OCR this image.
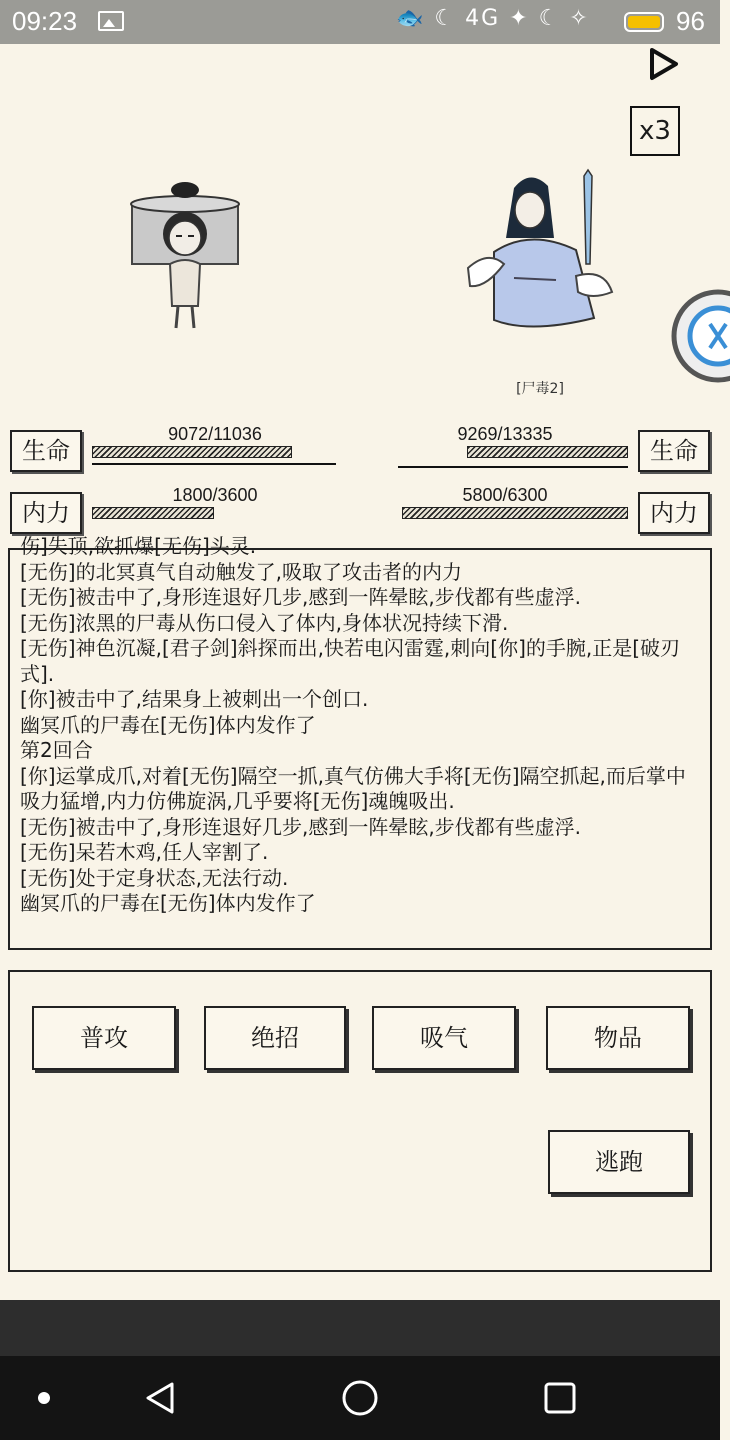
09:23	🐟 ☾ 4G ✦ ☾ ✧	96
x3
[尸毒2]
生命
9072/11036
内力
1800/3600
生命
9269/13335
内力
5800/6300
伤]失顶,欲抓爆[无伤]头灵.
[无伤]的北冥真气自动触发了,吸取了攻击者的内力
[无伤]被击中了,身形连退好几步,感到一阵晕眩,步伐都有些虚浮.
[无伤]浓黑的尸毒从伤口侵入了体内,身体状况持续下滑.
[无伤]神色沉凝,[君子剑]斜探而出,快若电闪雷霆,刺向[你]的手腕,正是[破刃式].
[你]被击中了,结果身上被刺出一个创口.
幽冥爪的尸毒在[无伤]体内发作了
第2回合
[你]运掌成爪,对着[无伤]隔空一抓,真气仿佛大手将[无伤]隔空抓起,而后掌中吸力猛增,内力仿佛旋涡,几乎要将[无伤]魂魄吸出.
[无伤]被击中了,身形连退好几步,感到一阵晕眩,步伐都有些虚浮.
[无伤]呆若木鸡,任人宰割了.
[无伤]处于定身状态,无法行动.
幽冥爪的尸毒在[无伤]体内发作了
普攻	绝招	吸气	物品
逃跑
